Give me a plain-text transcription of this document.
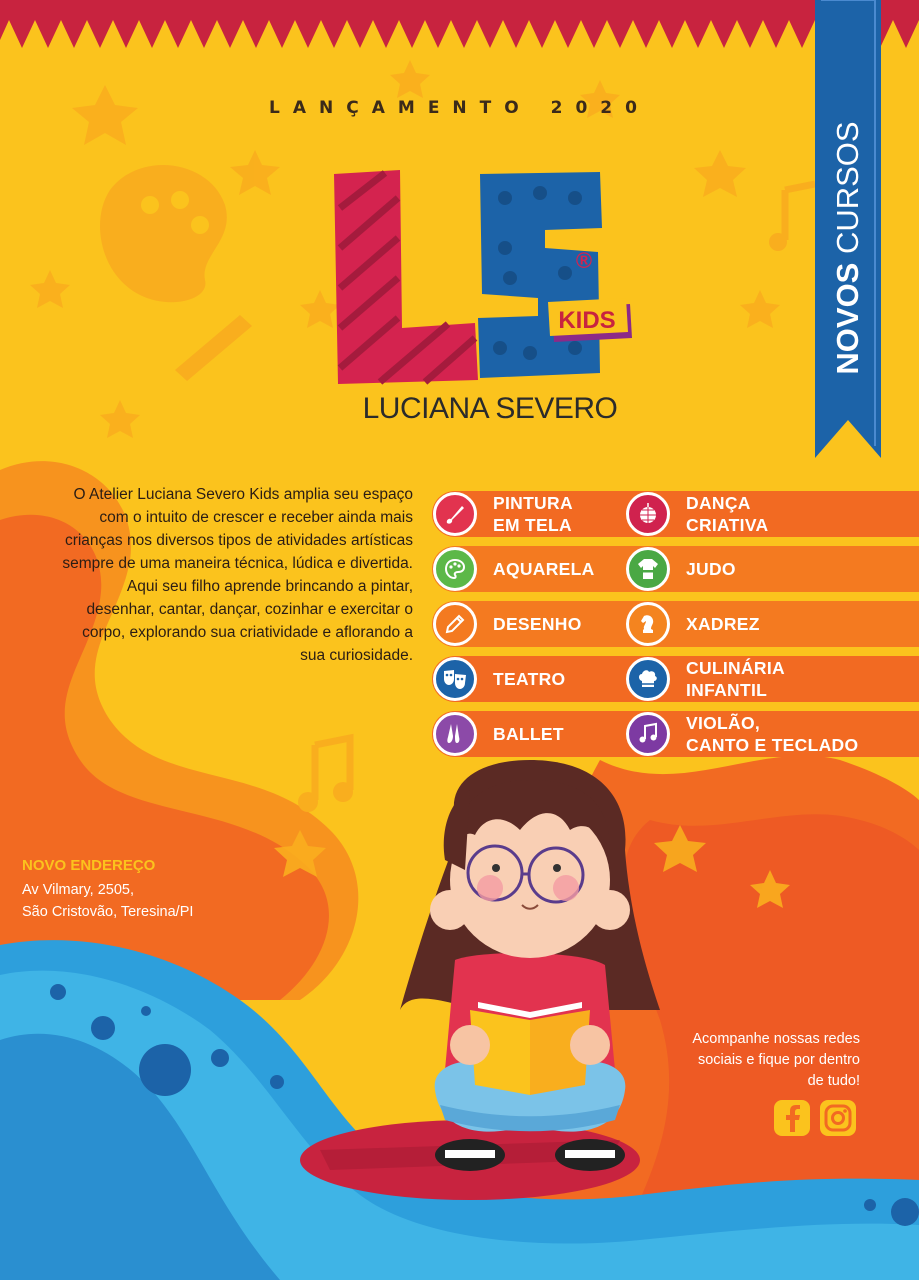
LANÇAMENTO 2020
KIDS
®
LUCIANA SEVERO
NOVOS CURSOS
O Atelier Luciana Severo Kids amplia seu espaço com o intuito de crescer e receber ainda mais crianças nos diversos tipos de atividades artísticas sempre de uma maneira técnica, lúdica e divertida. Aqui seu filho aprende brincando a pintar, desenhar, cantar, dançar, cozinhar e exercitar o corpo, explorando sua criatividade e aflorando a sua curiosidade.
PINTURA
EM TELA
AQUARELA
DESENHO
TEATRO
BALLET
DANÇA
CRIATIVA
JUDO
XADREZ
CULINÁRIA
INFANTIL
VIOLÃO,
CANTO E TECLADO
NOVO ENDEREÇO
Av Vilmary, 2505,
São Cristovão, Teresina/PI
Acompanhe nossas redes sociais e fique por dentro de tudo!
